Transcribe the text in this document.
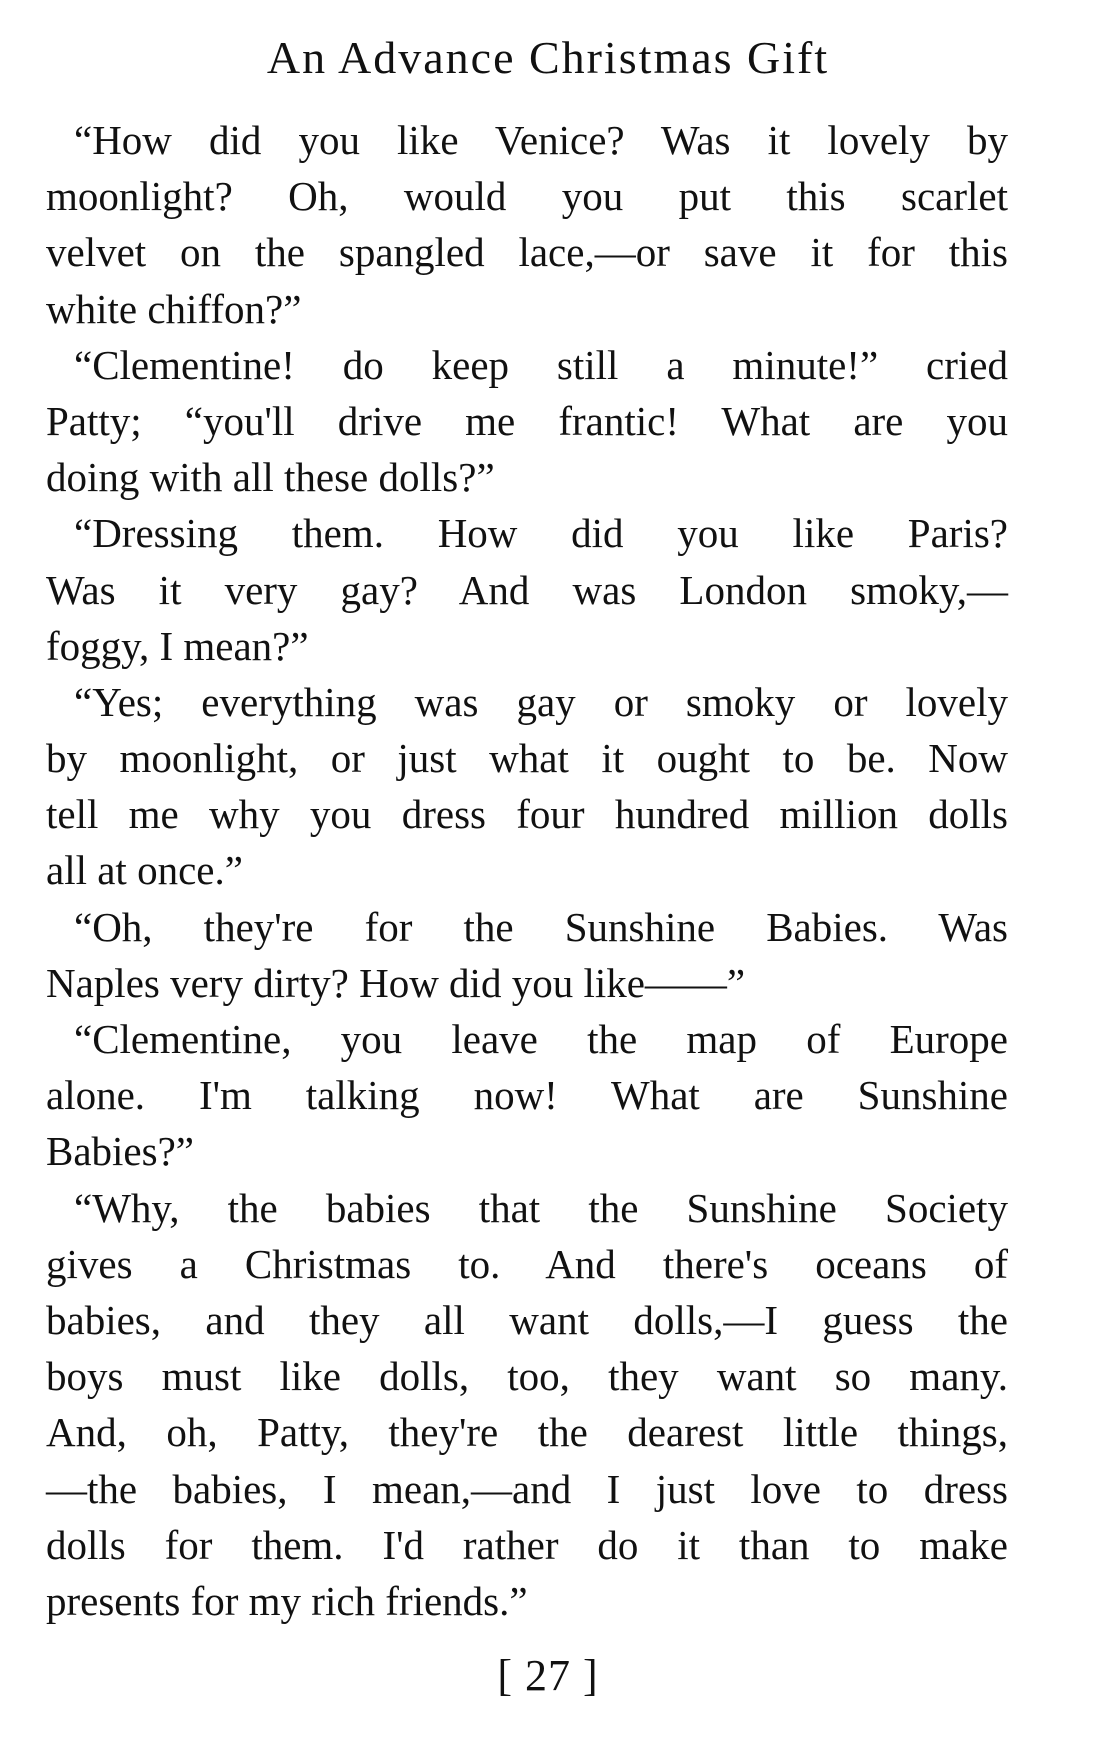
An Advance Christmas Gift
“How did you like Venice? Was it lovely by
moonlight? Oh, would you put this scarlet
velvet on the spangled lace,—or save it for this
white chiffon?”
“Clementine! do keep still a minute!” cried
Patty; “you'll drive me frantic! What are you
doing with all these dolls?”
“Dressing them. How did you like Paris?
Was it very gay? And was London smoky,—
foggy, I mean?”
“Yes; everything was gay or smoky or lovely
by moonlight, or just what it ought to be. Now
tell me why you dress four hundred million dolls
all at once.”
“Oh, they're for the Sunshine Babies. Was
Naples very dirty? How did you like——”
“Clementine, you leave the map of Europe
alone. I'm talking now! What are Sunshine
Babies?”
“Why, the babies that the Sunshine Society
gives a Christmas to. And there's oceans of
babies, and they all want dolls,—I guess the
boys must like dolls, too, they want so many.
And, oh, Patty, they're the dearest little things,
—the babies, I mean,—and I just love to dress
dolls for them. I'd rather do it than to make
presents for my rich friends.”
[ 27 ]
